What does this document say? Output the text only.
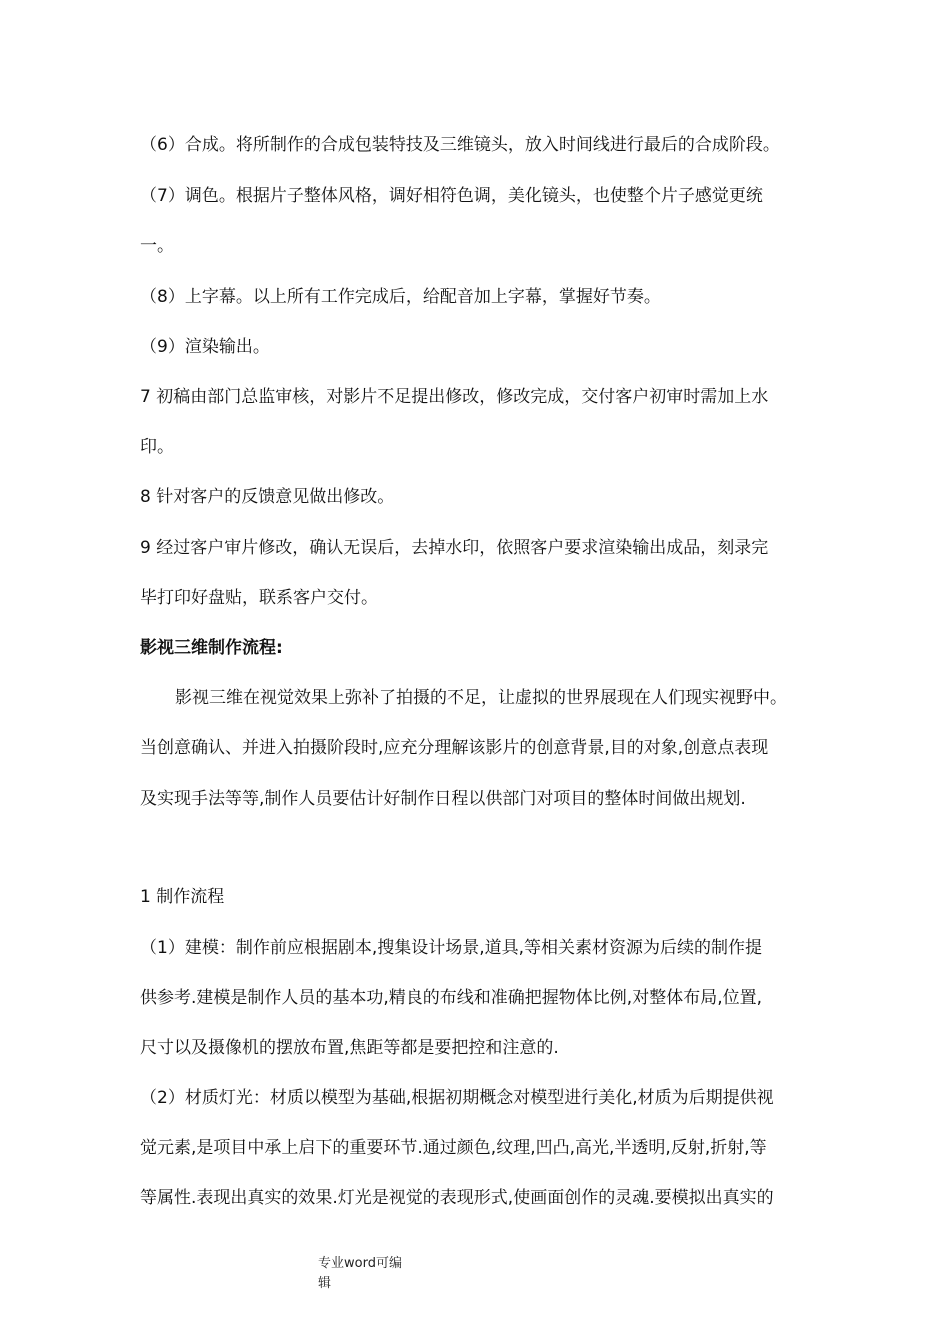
（6）合成。将所制作的合成包装特技及三维镜头，放入时间线进行最后的合成阶段。
（7）调色。根据片子整体风格，调好相符色调，美化镜头，也使整个片子感觉更统
一。
（8）上字幕。以上所有工作完成后，给配音加上字幕，掌握好节奏。
（9）渲染输出。
7 初稿由部门总监审核，对影片不足提出修改，修改完成，交付客户初审时需加上水
印。
8 针对客户的反馈意见做出修改。
9 经过客户审片修改，确认无误后，去掉水印，依照客户要求渲染输出成品，刻录完
毕打印好盘贴，联系客户交付。
影视三维制作流程:
影视三维在视觉效果上弥补了拍摄的不足，让虚拟的世界展现在人们现实视野中。
当创意确认、并进入拍摄阶段时,应充分理解该影片的创意背景,目的对象,创意点表现
及实现手法等等,制作人员要估计好制作日程以供部门对项目的整体时间做出规划.
1 制作流程
（1）建模：制作前应根据剧本,搜集设计场景,道具,等相关素材资源为后续的制作提
供参考.建模是制作人员的基本功,精良的布线和准确把握物体比例,对整体布局,位置,
尺寸以及摄像机的摆放布置,焦距等都是要把控和注意的.
（2）材质灯光：材质以模型为基础,根据初期概念对模型进行美化,材质为后期提供视
觉元素,是项目中承上启下的重要环节.通过颜色,纹理,凹凸,高光,半透明,反射,折射,等
等属性.表现出真实的效果.灯光是视觉的表现形式,使画面创作的灵魂.要模拟出真实的
专业word可编
辑
